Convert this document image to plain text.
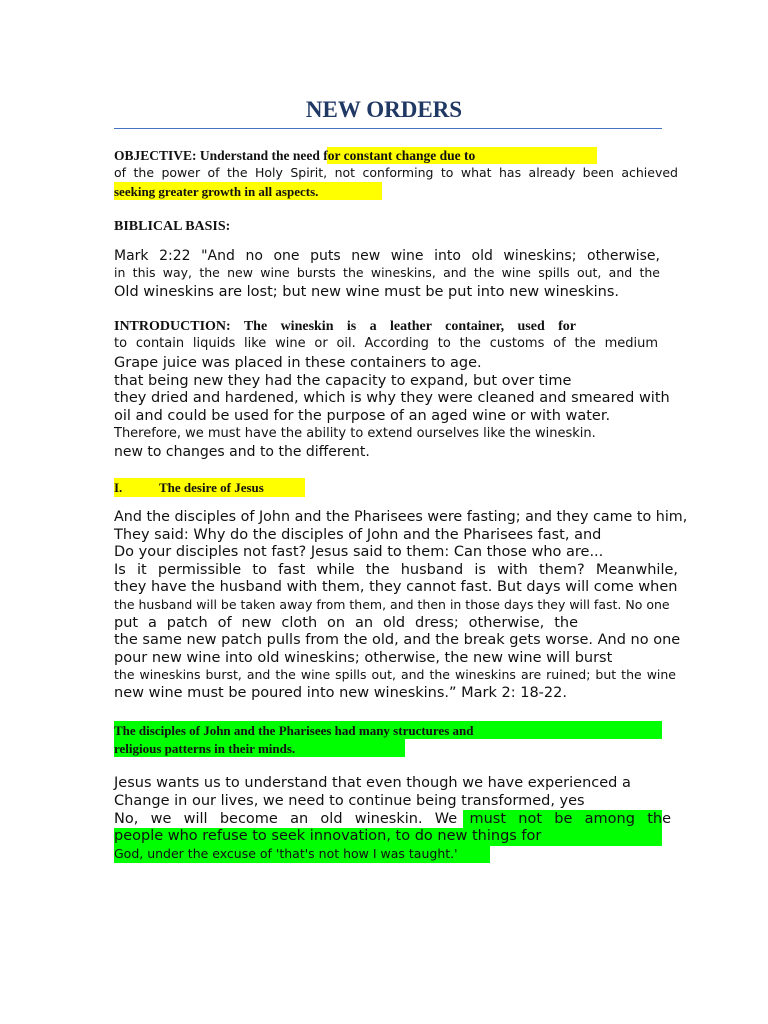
NEW ORDERS
OBJECTIVE: Understand the need for constant change due to
of the power of the Holy Spirit, not conforming to what has already been achieved
seeking greater growth in all aspects.
BIBLICAL BASIS:
Mark 2:22 "And no one puts new wine into old wineskins; otherwise,
in this way, the new wine bursts the wineskins, and the wine spills out, and the
Old wineskins are lost; but new wine must be put into new wineskins.
INTRODUCTION: The wineskin is a leather container, used for
to contain liquids like wine or oil. According to the customs of the medium
Grape juice was placed in these containers to age.
that being new they had the capacity to expand, but over time
they dried and hardened, which is why they were cleaned and smeared with
oil and could be used for the purpose of an aged wine or with water.
Therefore, we must have the ability to extend ourselves like the wineskin.
new to changes and to the different.
I.	The desire of Jesus
And the disciples of John and the Pharisees were fasting; and they came to him,
They said: Why do the disciples of John and the Pharisees fast, and
Do your disciples not fast? Jesus said to them: Can those who are...
Is it permissible to fast while the husband is with them? Meanwhile,
they have the husband with them, they cannot fast. But days will come when
the husband will be taken away from them, and then in those days they will fast. No one
put a patch of new cloth on an old dress; otherwise, the
the same new patch pulls from the old, and the break gets worse. And no one
pour new wine into old wineskins; otherwise, the new wine will burst
the wineskins burst, and the wine spills out, and the wineskins are ruined; but the wine
new wine must be poured into new wineskins.” Mark 2: 18-22.
The disciples of John and the Pharisees had many structures and
religious patterns in their minds.
Jesus wants us to understand that even though we have experienced a
Change in our lives, we need to continue being transformed, yes
No, we will become an old wineskin. We must not be among the
people who refuse to seek innovation, to do new things for
God, under the excuse of 'that's not how I was taught.'
